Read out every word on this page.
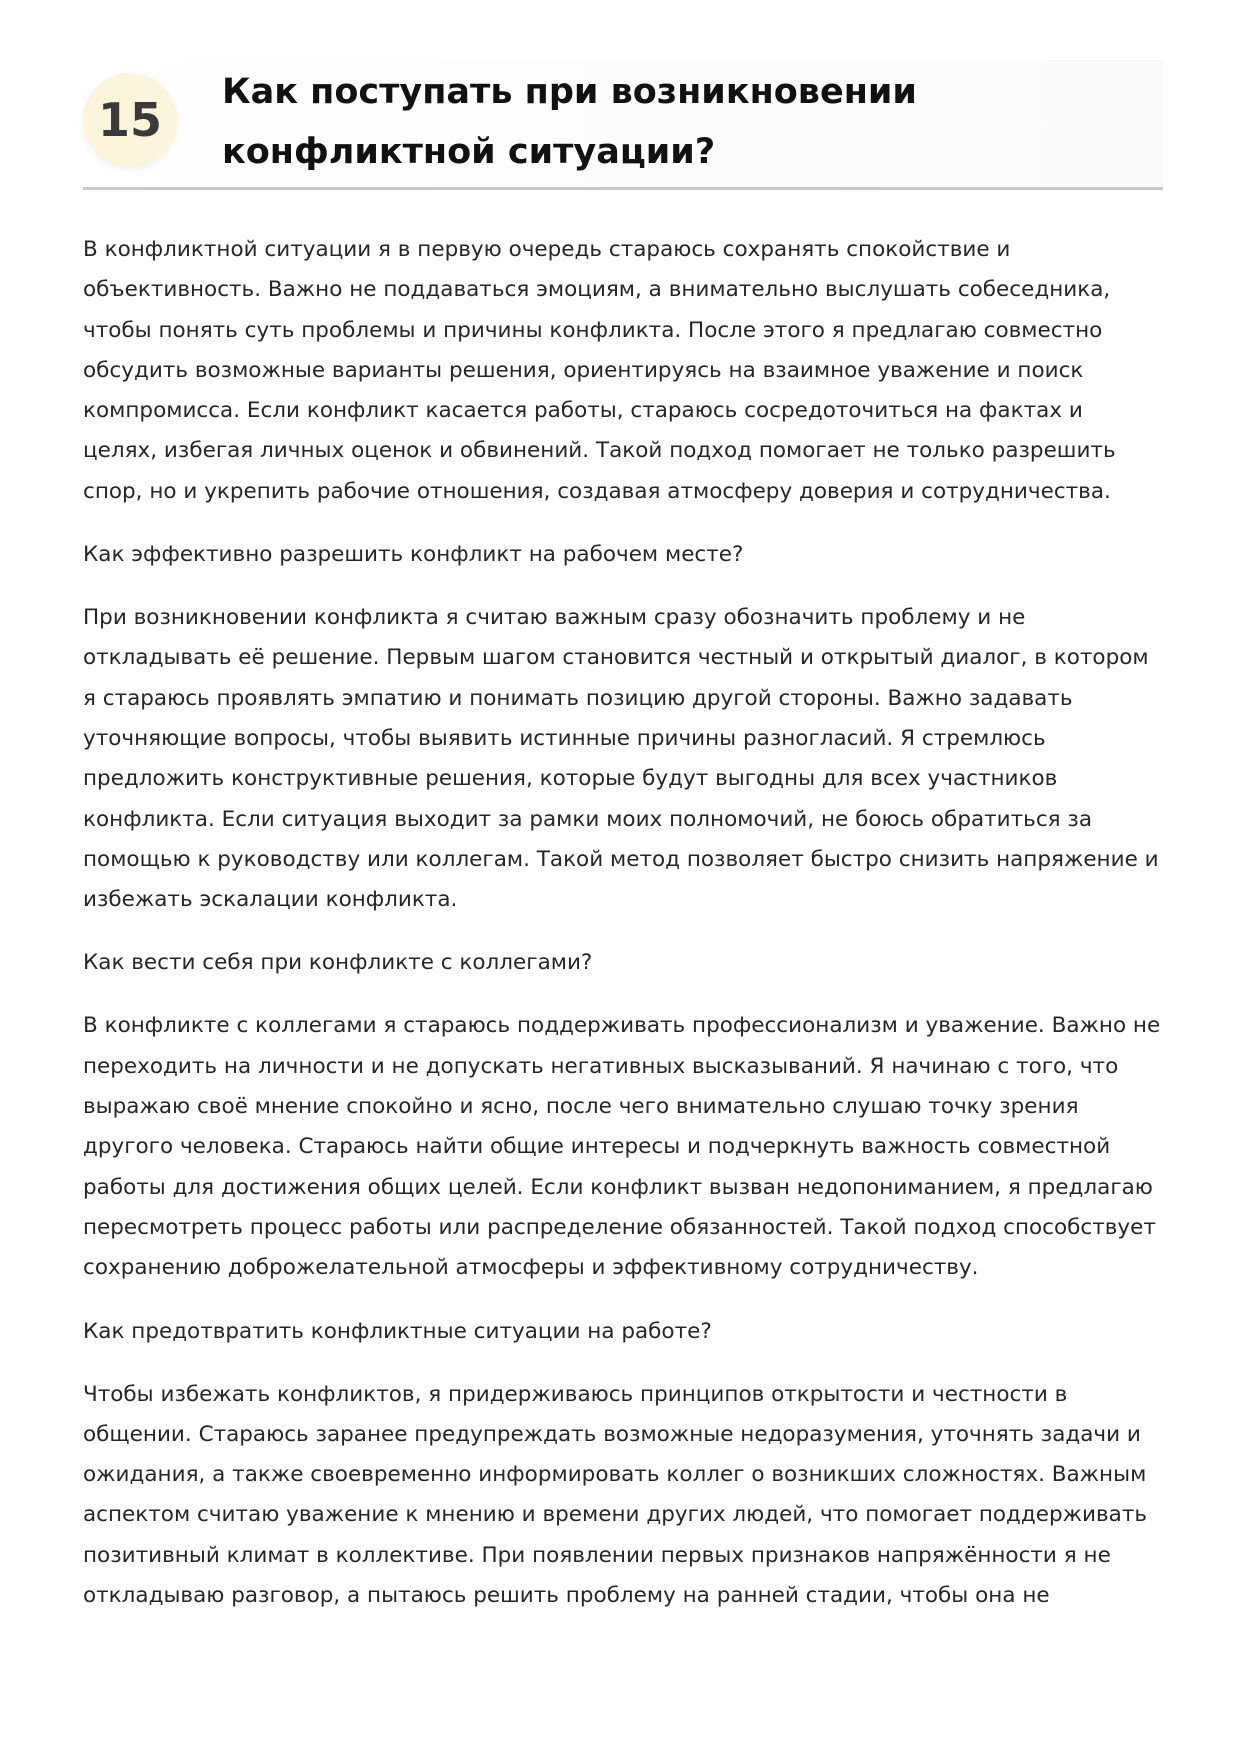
15
Как поступать при возникновении конфликтной ситуации?

В конфликтной ситуации я в первую очередь стараюсь сохранять спокойствие и объективность. Важно не поддаваться эмоциям, а внимательно выслушать собеседника, чтобы понять суть проблемы и причины конфликта. После этого я предлагаю совместно обсудить возможные варианты решения, ориентируясь на взаимное уважение и поиск компромисса. Если конфликт касается работы, стараюсь сосредоточиться на фактах и целях, избегая личных оценок и обвинений. Такой подход помогает не только разрешить спор, но и укрепить рабочие отношения, создавая атмосферу доверия и сотрудничества.

Как эффективно разрешить конфликт на рабочем месте?

При возникновении конфликта я считаю важным сразу обозначить проблему и не откладывать её решение. Первым шагом становится честный и открытый диалог, в котором я стараюсь проявлять эмпатию и понимать позицию другой стороны. Важно задавать уточняющие вопросы, чтобы выявить истинные причины разногласий. Я стремлюсь предложить конструктивные решения, которые будут выгодны для всех участников конфликта. Если ситуация выходит за рамки моих полномочий, не боюсь обратиться за помощью к руководству или коллегам. Такой метод позволяет быстро снизить напряжение и избежать эскалации конфликта.

Как вести себя при конфликте с коллегами?

В конфликте с коллегами я стараюсь поддерживать профессионализм и уважение. Важно не переходить на личности и не допускать негативных высказываний. Я начинаю с того, что выражаю своё мнение спокойно и ясно, после чего внимательно слушаю точку зрения другого человека. Стараюсь найти общие интересы и подчеркнуть важность совместной работы для достижения общих целей. Если конфликт вызван недопониманием, я предлагаю пересмотреть процесс работы или распределение обязанностей. Такой подход способствует сохранению доброжелательной атмосферы и эффективному сотрудничеству.

Как предотвратить конфликтные ситуации на работе?

Чтобы избежать конфликтов, я придерживаюсь принципов открытости и честности в общении. Стараюсь заранее предупреждать возможные недоразумения, уточнять задачи и ожидания, а также своевременно информировать коллег о возникших сложностях. Важным аспектом считаю уважение к мнению и времени других людей, что помогает поддерживать позитивный климат в коллективе. При появлении первых признаков напряжённости я не откладываю разговор, а пытаюсь решить проблему на ранней стадии, чтобы она не
